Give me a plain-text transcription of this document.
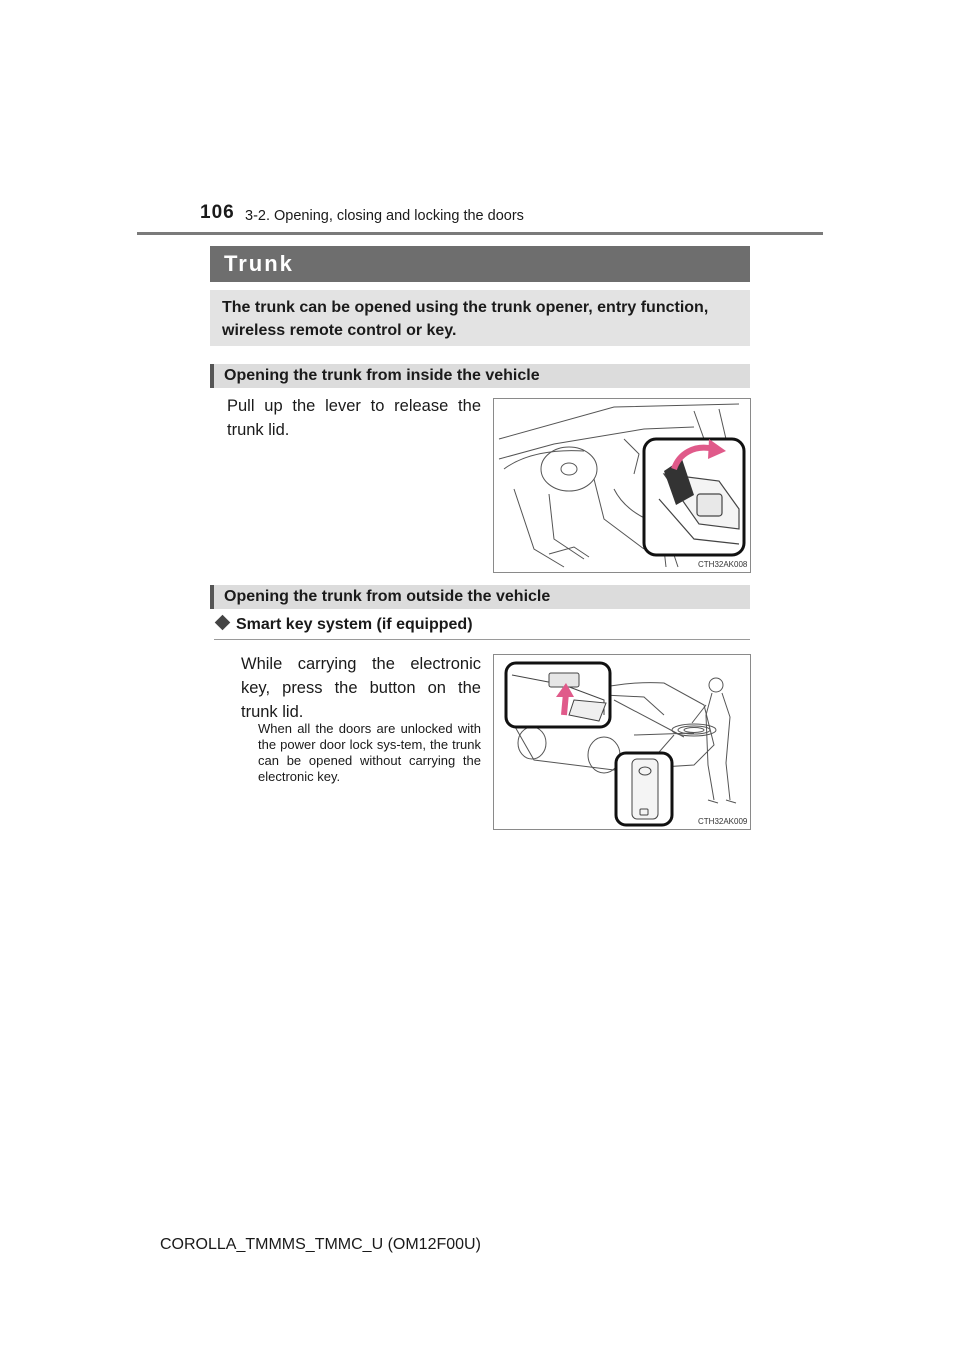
106 3-2. Opening, closing and locking the doors
Trunk
The trunk can be opened using the trunk opener, entry function, wireless remote control or key.
Opening the trunk from inside the vehicle
Pull up the lever to release the trunk lid.
CTH32AK008
Opening the trunk from outside the vehicle
Smart key system (if equipped)
While carrying the electronic key, press the button on the trunk lid.
When all the doors are unlocked with the power door lock sys-tem, the trunk can be opened without carrying the electronic key.
CTH32AK009
COROLLA_TMMMS_TMMC_U (OM12F00U)
